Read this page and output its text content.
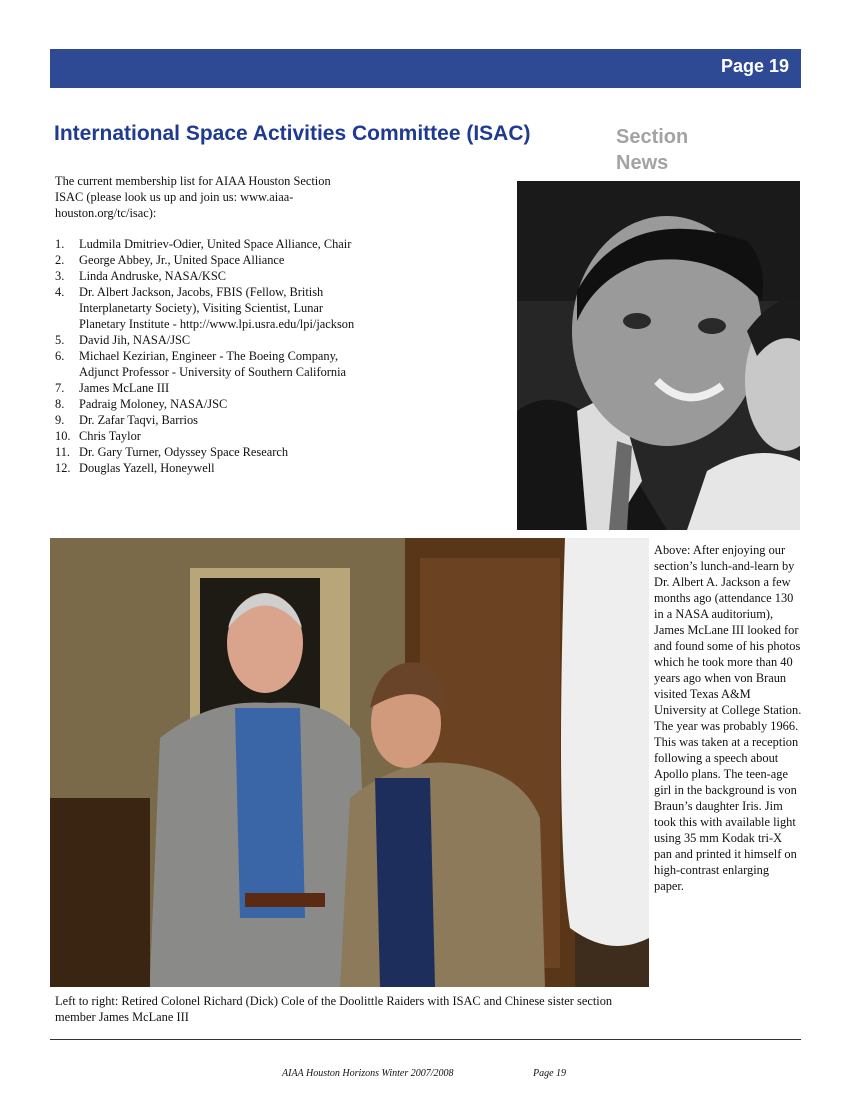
Page 19
International Space Activities Committee (ISAC)	Section News

The current membership list for AIAA Houston Section ISAC (please look us up and join us: www.aiaa-houston.org/tc/isac):

1. Ludmila Dmitriev-Odier, United Space Alliance, Chair
2. George Abbey, Jr., United Space Alliance
3. Linda Andruske, NASA/KSC
4. Dr. Albert Jackson, Jacobs, FBIS (Fellow, British Interplanetarty Society), Visiting Scientist, Lunar Planetary Institute - http://www.lpi.usra.edu/lpi/jackson
5. David Jih, NASA/JSC
6. Michael Kezirian, Engineer - The Boeing Company, Adjunct Professor - University of Southern California
7. James McLane III
8. Padraig Moloney, NASA/JSC
9. Dr. Zafar Taqvi, Barrios
10. Chris Taylor
11. Dr. Gary Turner, Odyssey Space Research
12. Douglas Yazell, Honeywell

Above: After enjoying our section’s lunch-and-learn by Dr. Albert A. Jackson a few months ago (attendance 130 in a NASA auditorium), James McLane III looked for and found some of his photos which he took more than 40 years ago when von Braun visited Texas A&M University at College Station. The year was probably 1966. This was taken at a reception following a speech about Apollo plans. The teen-age girl in the background is von Braun’s daughter Iris. Jim took this with available light using 35 mm Kodak tri-X pan and printed it himself on high-contrast enlarging paper.

Left to right: Retired Colonel Richard (Dick) Cole of the Doolittle Raiders with ISAC and Chinese sister section member James McLane III

AIAA Houston Horizons Winter 2007/2008	Page 19
